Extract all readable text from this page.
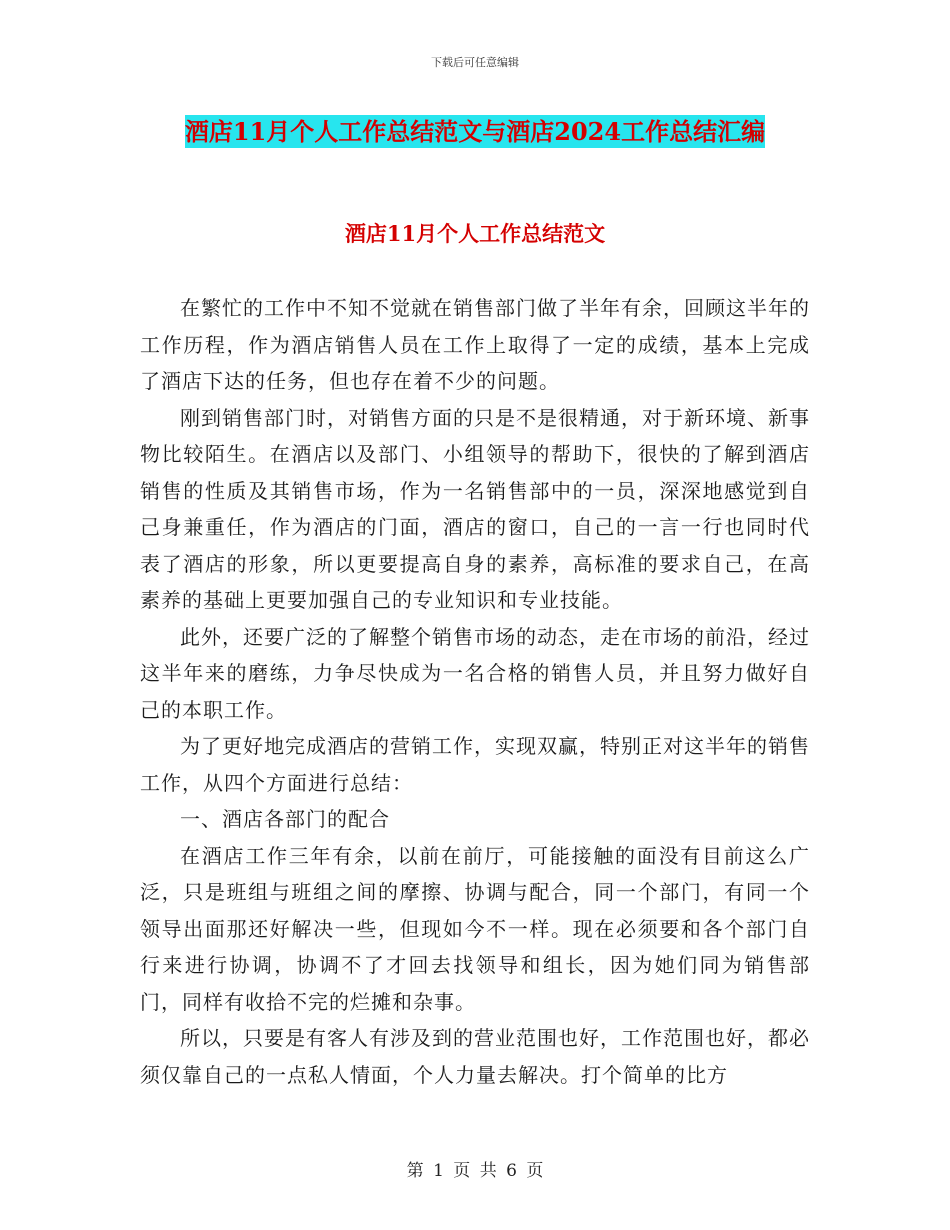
下载后可任意编辑
酒店11月个人工作总结范文与酒店2024工作总结汇编
酒店11月个人工作总结范文

在繁忙的工作中不知不觉就在销售部门做了半年有余，回顾这半年的工作历程，作为酒店销售人员在工作上取得了一定的成绩，基本上完成了酒店下达的任务，但也存在着不少的问题。

刚到销售部门时，对销售方面的只是不是很精通，对于新环境、新事物比较陌生。在酒店以及部门、小组领导的帮助下，很快的了解到酒店销售的性质及其销售市场，作为一名销售部中的一员，深深地感觉到自己身兼重任，作为酒店的门面，酒店的窗口，自己的一言一行也同时代表了酒店的形象，所以更要提高自身的素养，高标准的要求自己，在高素养的基础上更要加强自己的专业知识和专业技能。

此外，还要广泛的了解整个销售市场的动态，走在市场的前沿，经过这半年来的磨练，力争尽快成为一名合格的销售人员，并且努力做好自己的本职工作。

为了更好地完成酒店的营销工作，实现双赢，特别正对这半年的销售工作，从四个方面进行总结：

一、酒店各部门的配合

在酒店工作三年有余，以前在前厅，可能接触的面没有目前这么广泛，只是班组与班组之间的摩擦、协调与配合，同一个部门，有同一个领导出面那还好解决一些，但现如今不一样。现在必须要和各个部门自行来进行协调，协调不了才回去找领导和组长，因为她们同为销售部门，同样有收拾不完的烂摊和杂事。

所以，只要是有客人有涉及到的营业范围也好，工作范围也好，都必须仅靠自己的一点私人情面，个人力量去解决。打个简单的比方

第 1 页 共 6 页
